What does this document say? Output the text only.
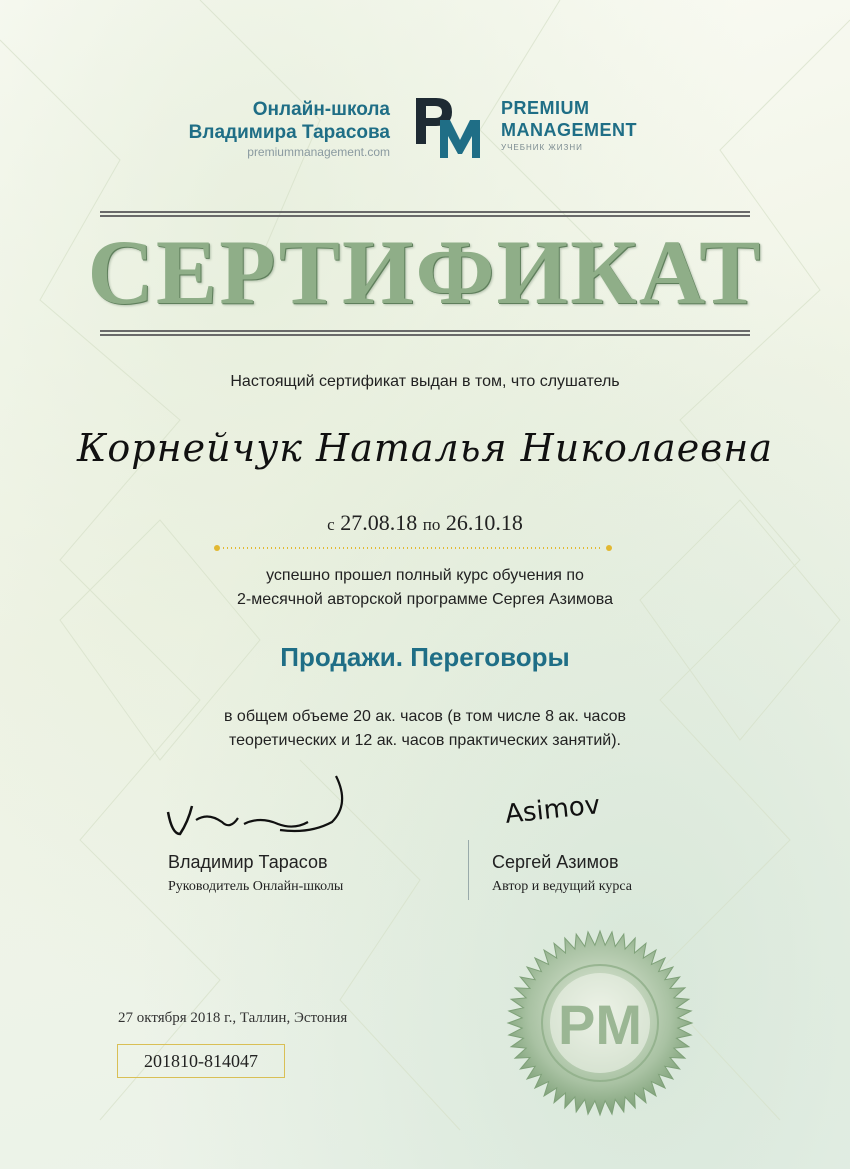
Онлайн-школа
Владимира Тарасова
premiummanagement.com
PREMIUM
MANAGEMENT
УЧЕБНИК ЖИЗНИ
СЕРТИФИКАТ
Настоящий сертификат выдан в том, что слушатель
Корнейчук Наталья Николаевна
с 27.08.18 по 26.10.18
успешно прошел полный курс обучения по
2-месячной авторской программе Сергея Азимова
Продажи. Переговоры
в общем объеме 20 ак. часов (в том числе 8 ак. часов
теоретических и 12 ак. часов практических занятий).
Владимир Тарасов
Руководитель Онлайн-школы
Asimov
Сергей Азимов
Автор и ведущий курса
27 октября 2018 г., Таллин, Эстония
201810-814047
PM
